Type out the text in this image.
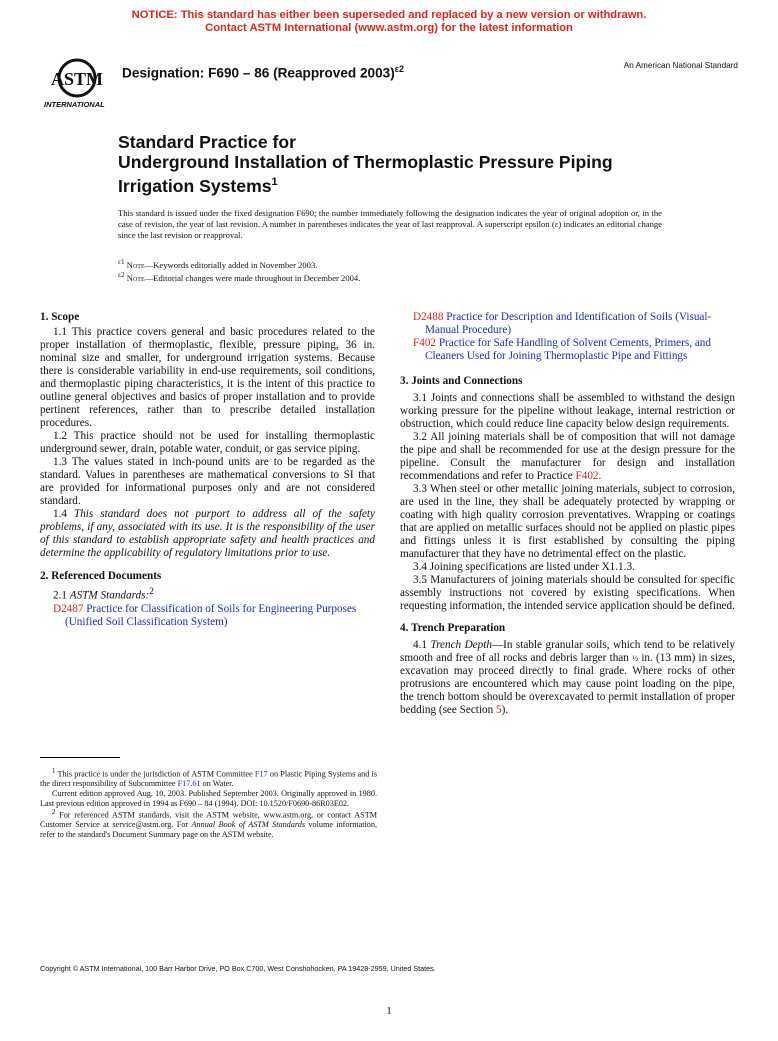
NOTICE: This standard has either been superseded and replaced by a new version or withdrawn.
Contact ASTM International (www.astm.org) for the latest information
ASTM
INTERNATIONAL
Designation: F690 – 86 (Reapproved 2003)$^{\varepsilon 2}$	An American National Standard
Standard Practice for
Underground Installation of Thermoplastic Pressure Piping
Irrigation Systems$^1$
This standard is issued under the fixed designation F690; the number immediately following the designation indicates the year of original adoption or, in the case of revision, the year of last revision. A number in parentheses indicates the year of last reapproval. A superscript epsilon (ε) indicates an editorial change since the last revision or reapproval.
$^{\varepsilon 1}$ Note—Keywords editorially added in November 2003.
$^{\varepsilon 2}$ Note—Editorial changes were made throughout in December 2004.
1. Scope

1.1 This practice covers general and basic procedures related to the proper installation of thermoplastic, flexible, pressure piping, 36 in. nominal size and smaller, for underground irrigation systems. Because there is considerable variability in end-use requirements, soil conditions, and thermoplastic piping characteristics, it is the intent of this practice to outline general objectives and basics of proper installation and to provide pertinent references, rather than to prescribe detailed installation procedures.

1.2 This practice should not be used for installing thermoplastic underground sewer, drain, potable water, conduit, or gas service piping.

1.3 The values stated in inch-pound units are to be regarded as the standard. Values in parentheses are mathematical conversions to SI that are provided for informational purposes only and are not considered standard.

1.4 This standard does not purport to address all of the safety problems, if any, associated with its use. It is the responsibility of the user of this standard to establish appropriate safety and health practices and determine the applicability of regulatory limitations prior to use.

2. Referenced Documents

2.1 ASTM Standards:$^2$

D2487 Practice for Classification of Soils for Engineering Purposes (Unified Soil Classification System)

$^1$ This practice is under the jurisdiction of ASTM Committee F17 on Plastic Piping Systems and is the direct responsibility of Subcommittee F17.61 on Water.

Current edition approved Aug. 10, 2003. Published September 2003. Originally approved in 1980. Last previous edition approved in 1994 as F690 – 84 (1994). DOI: 10.1520/F0690-86R03E02.

$^2$ For referenced ASTM standards, visit the ASTM website, www.astm.org, or contact ASTM Customer Service at service@astm.org. For Annual Book of ASTM Standards volume information, refer to the standard's Document Summary page on the ASTM website.

D2488 Practice for Description and Identification of Soils (Visual-Manual Procedure)
F402 Practice for Safe Handling of Solvent Cements, Primers, and Cleaners Used for Joining Thermoplastic Pipe and Fittings
3. Joints and Connections

3.1 Joints and connections shall be assembled to withstand the design working pressure for the pipeline without leakage, internal restriction or obstruction, which could reduce line capacity below design requirements.

3.2 All joining materials shall be of composition that will not damage the pipe and shall be recommended for use at the design pressure for the pipeline. Consult the manufacturer for design and installation recommendations and refer to Practice F402.

3.3 When steel or other metallic joining materials, subject to corrosion, are used in the line, they shall be adequately protected by wrapping or coating with high quality corrosion preventatives. Wrapping or coatings that are applied on metallic surfaces should not be applied on plastic pipes and fittings unless it is first established by consulting the piping manufacturer that they have no detrimental effect on the plastic.

3.4 Joining specifications are listed under X1.1.3.

3.5 Manufacturers of joining materials should be consulted for specific assembly instructions not covered by existing specifications. When requesting information, the intended service application should be defined.

4. Trench Preparation

4.1 Trench Depth—In stable granular soils, which tend to be relatively smooth and free of all rocks and debris larger than ½ in. (13 mm) in sizes, excavation may proceed directly to final grade. Where rocks of other protrusions are encountered which may cause point loading on the pipe, the trench bottom should be overexcavated to permit installation of proper bedding (see Section 5).

Copyright © ASTM International, 100 Barr Harbor Drive, PO Box C700, West Conshohocken, PA 19428-2959, United States.
1
